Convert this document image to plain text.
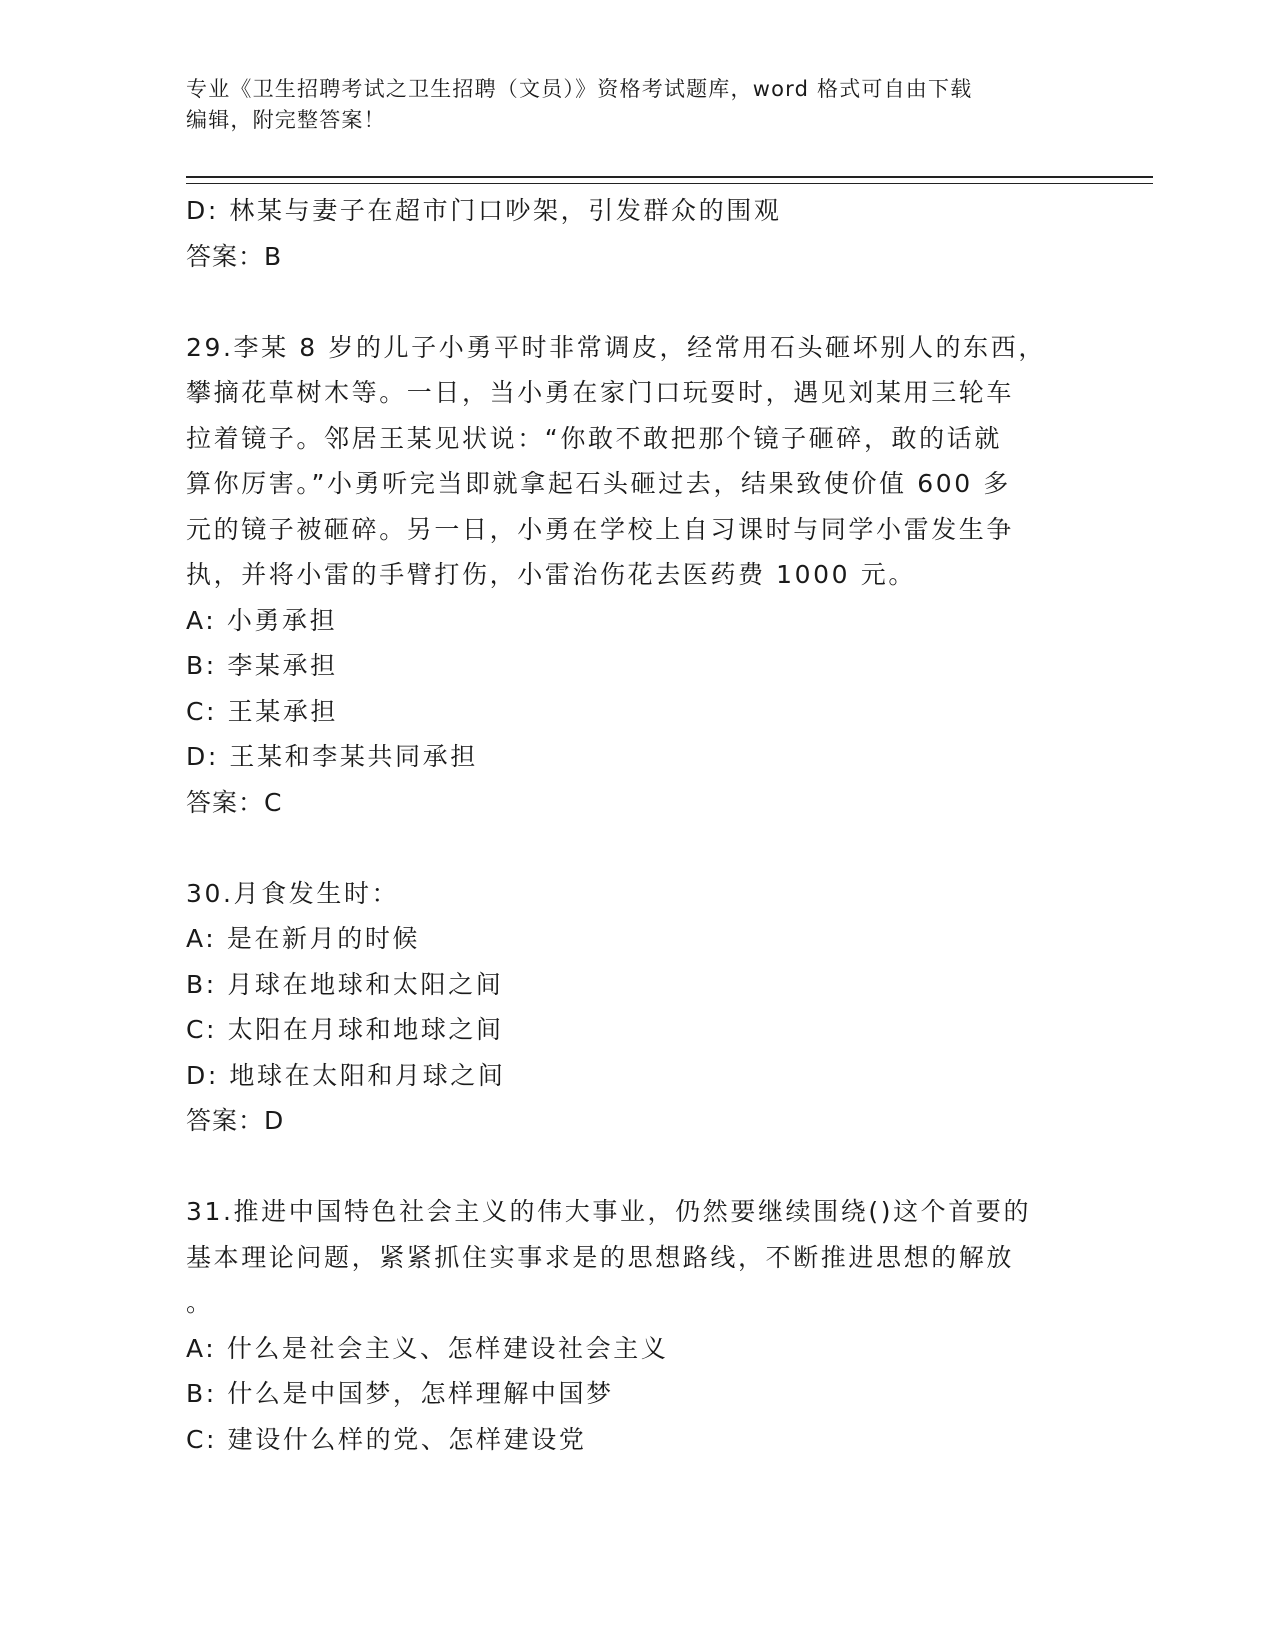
专业《卫生招聘考试之卫生招聘（文员）》资格考试题库，word 格式可自由下载
编辑，附完整答案！
D: 林某与妻子在超市门口吵架，引发群众的围观
答案：B
29.李某 8 岁的儿子小勇平时非常调皮，经常用石头砸坏别人的东西，
攀摘花草树木等。一日，当小勇在家门口玩耍时，遇见刘某用三轮车
拉着镜子。邻居王某见状说：“你敢不敢把那个镜子砸碎，敢的话就
算你厉害。”小勇听完当即就拿起石头砸过去，结果致使价值 600 多
元的镜子被砸碎。另一日，小勇在学校上自习课时与同学小雷发生争
执，并将小雷的手臂打伤，小雷治伤花去医药费 1000 元。
A: 小勇承担
B: 李某承担
C: 王某承担
D: 王某和李某共同承担
答案：C
30.月食发生时：
A: 是在新月的时候
B: 月球在地球和太阳之间
C: 太阳在月球和地球之间
D: 地球在太阳和月球之间
答案：D
31.推进中国特色社会主义的伟大事业，仍然要继续围绕()这个首要的
基本理论问题，紧紧抓住实事求是的思想路线，不断推进思想的解放
。
A: 什么是社会主义、怎样建设社会主义
B: 什么是中国梦，怎样理解中国梦
C: 建设什么样的党、怎样建设党
